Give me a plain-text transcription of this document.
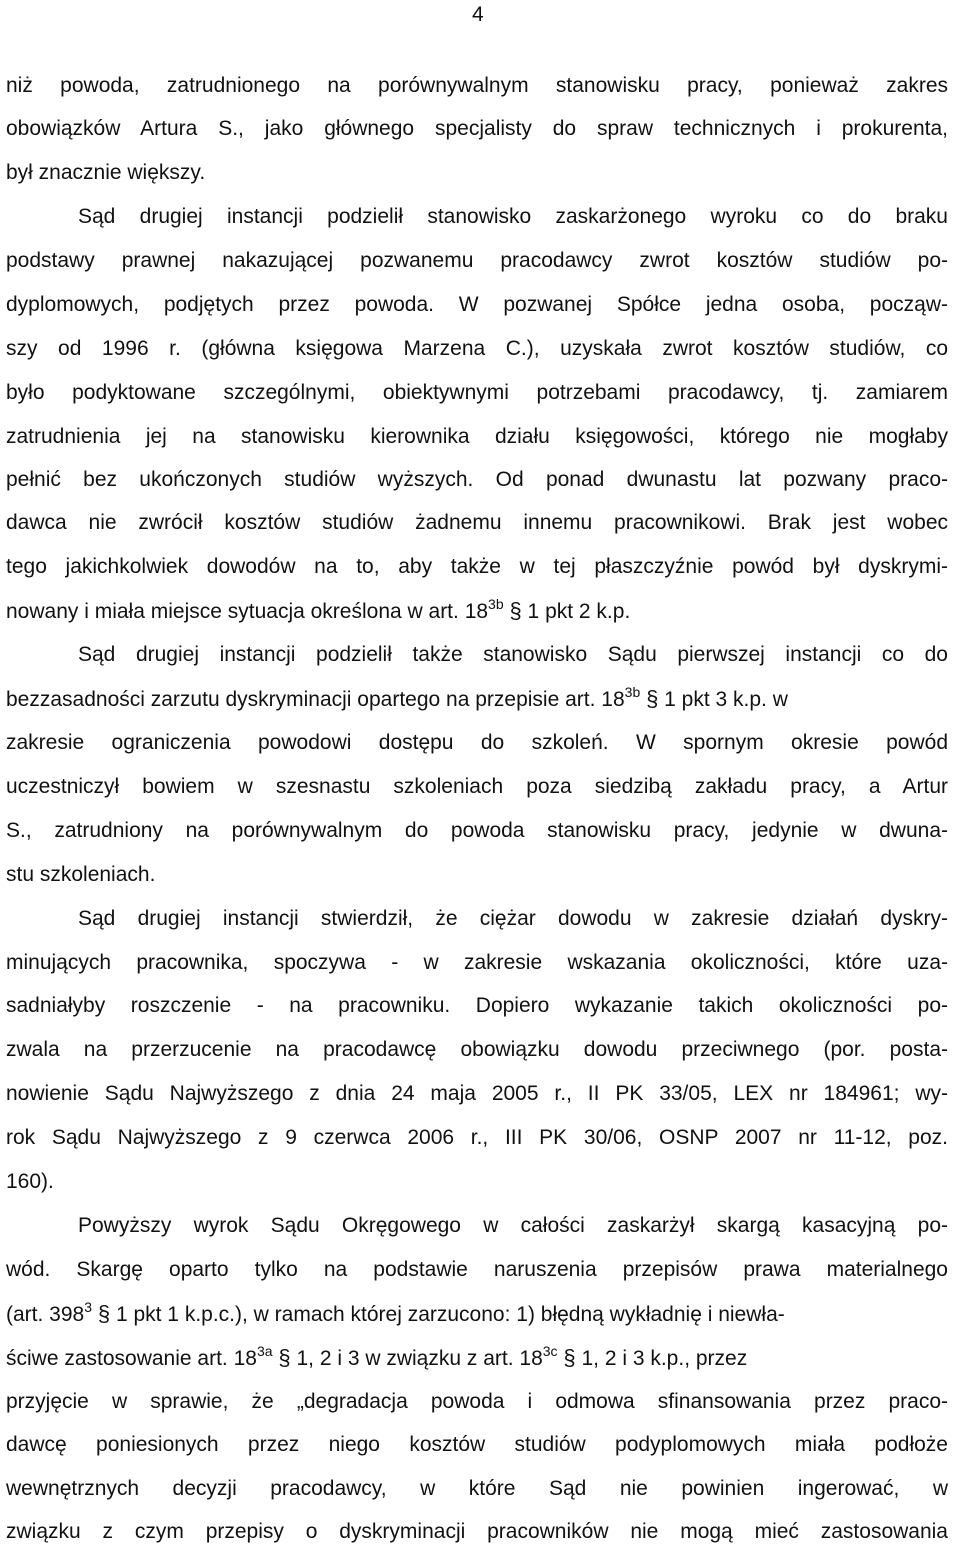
4
niż powoda, zatrudnionego na porównywalnym stanowisku pracy, ponieważ zakres
obowiązków Artura S., jako głównego specjalisty do spraw technicznych i prokurenta,
był znacznie większy.
Sąd drugiej instancji podzielił stanowisko zaskarżonego wyroku co do braku
podstawy prawnej nakazującej pozwanemu pracodawcy zwrot kosztów studiów po-
dyplomowych, podjętych przez powoda. W pozwanej Spółce jedna osoba, począw-
szy od 1996 r. (główna księgowa Marzena C.), uzyskała zwrot kosztów studiów, co
było podyktowane szczególnymi, obiektywnymi potrzebami pracodawcy, tj. zamiarem
zatrudnienia jej na stanowisku kierownika działu księgowości, którego nie mogłaby
pełnić bez ukończonych studiów wyższych. Od ponad dwunastu lat pozwany praco-
dawca nie zwrócił kosztów studiów żadnemu innemu pracownikowi. Brak jest wobec
tego jakichkolwiek dowodów na to, aby także w tej płaszczyźnie powód był dyskrymi-
nowany i miała miejsce sytuacja określona w art. $18^{3b}$ § 1 pkt 2 k.p.
Sąd drugiej instancji podzielił także stanowisko Sądu pierwszej instancji co do
bezzasadności zarzutu dyskryminacji opartego na przepisie art. $18^{3b}$ § 1 pkt 3 k.p. w
zakresie ograniczenia powodowi dostępu do szkoleń. W spornym okresie powód
uczestniczył bowiem w szesnastu szkoleniach poza siedzibą zakładu pracy, a Artur
S., zatrudniony na porównywalnym do powoda stanowisku pracy, jedynie w dwuna-
stu szkoleniach.
Sąd drugiej instancji stwierdził, że ciężar dowodu w zakresie działań dyskry-
minujących pracownika, spoczywa - w zakresie wskazania okoliczności, które uza-
sadniałyby roszczenie - na pracowniku. Dopiero wykazanie takich okoliczności po-
zwala na przerzucenie na pracodawcę obowiązku dowodu przeciwnego (por. posta-
nowienie Sądu Najwyższego z dnia 24 maja 2005 r., II PK 33/05, LEX nr 184961; wy-
rok Sądu Najwyższego z 9 czerwca 2006 r., III PK 30/06, OSNP 2007 nr 11-12, poz.
160).
Powyższy wyrok Sądu Okręgowego w całości zaskarżył skargą kasacyjną po-
wód. Skargę oparto tylko na podstawie naruszenia przepisów prawa materialnego
(art. $398^3$ § 1 pkt 1 k.p.c.), w ramach której zarzucono: 1) błędną wykładnię i niewła-
ściwe zastosowanie art. $18^{3a}$ § 1, 2 i 3 w związku z art. $18^{3c}$ § 1, 2 i 3 k.p., przez
przyjęcie w sprawie, że „degradacja powoda i odmowa sfinansowania przez praco-
dawcę poniesionych przez niego kosztów studiów podyplomowych miała podłoże
wewnętrznych decyzji pracodawcy, w które Sąd nie powinien ingerować, w
związku z czym przepisy o dyskryminacji pracowników nie mogą mieć zastosowania
